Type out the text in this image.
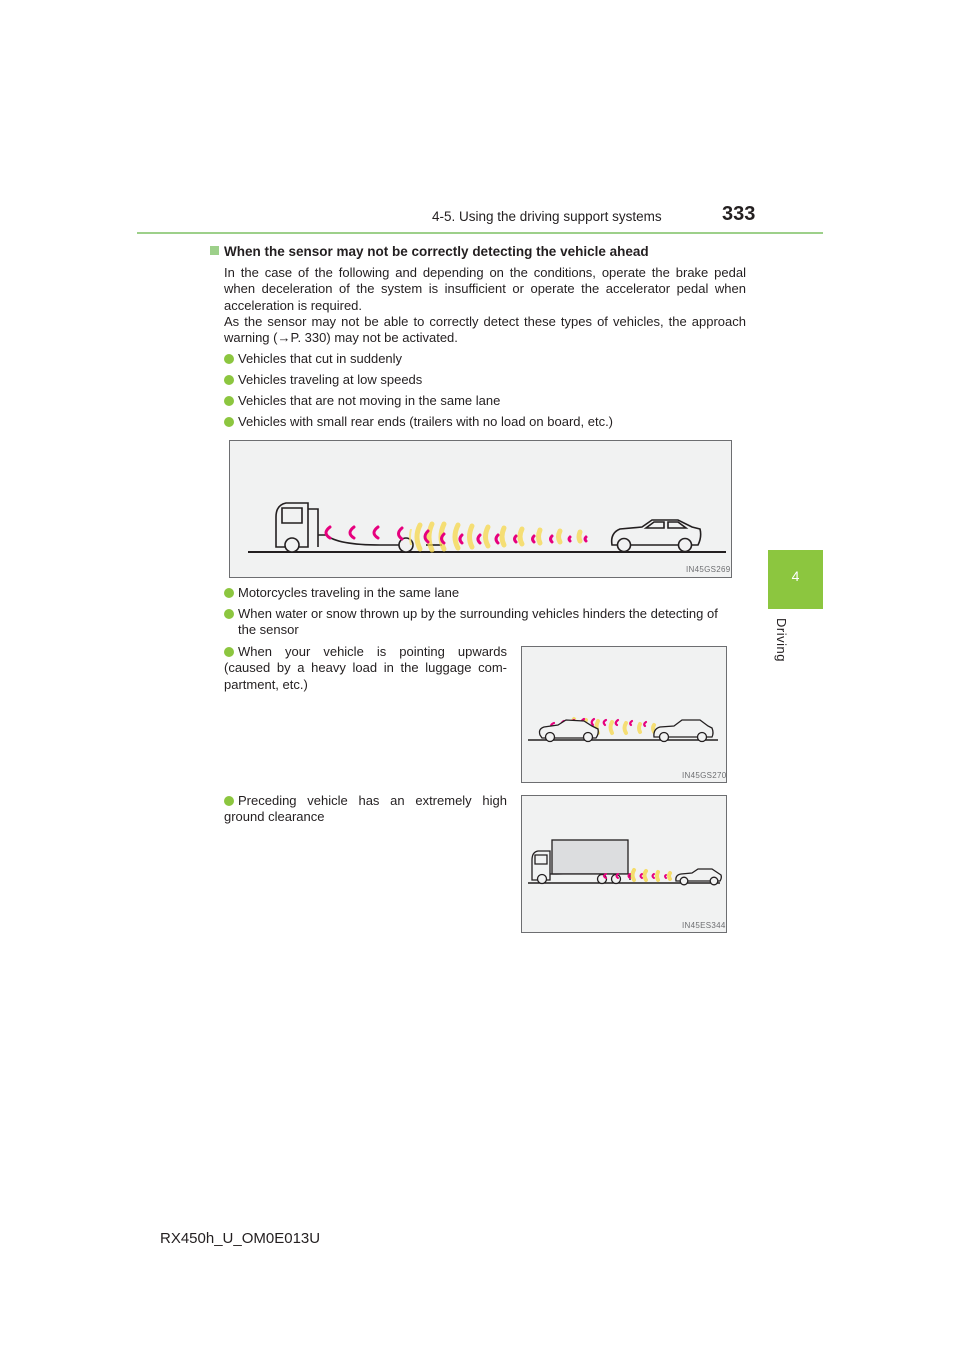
4-5. Using the driving support systems	333
4
Driving
When the sensor may not be correctly detecting the vehicle ahead
In the case of the following and depending on the conditions, operate the brake pedal when deceleration of the system is insufficient or operate the accelerator pedal when acceleration is required.
As the sensor may not be able to correctly detect these types of vehicles, the approach warning (→P. 330) may not be activated.
Vehicles that cut in suddenly
Vehicles traveling at low speeds
Vehicles that are not moving in the same lane
Vehicles with small rear ends (trailers with no load on board, etc.)
IN45GS269
Motorcycles traveling in the same lane
When water or snow thrown up by the surrounding vehicles hinders the detecting of
the sensor
When your vehicle is pointing upwards (caused by a heavy load in the luggage com-partment, etc.)
IN45GS270
Preceding vehicle has an extremely high ground clearance
IN45ES344
RX450h_U_OM0E013U
